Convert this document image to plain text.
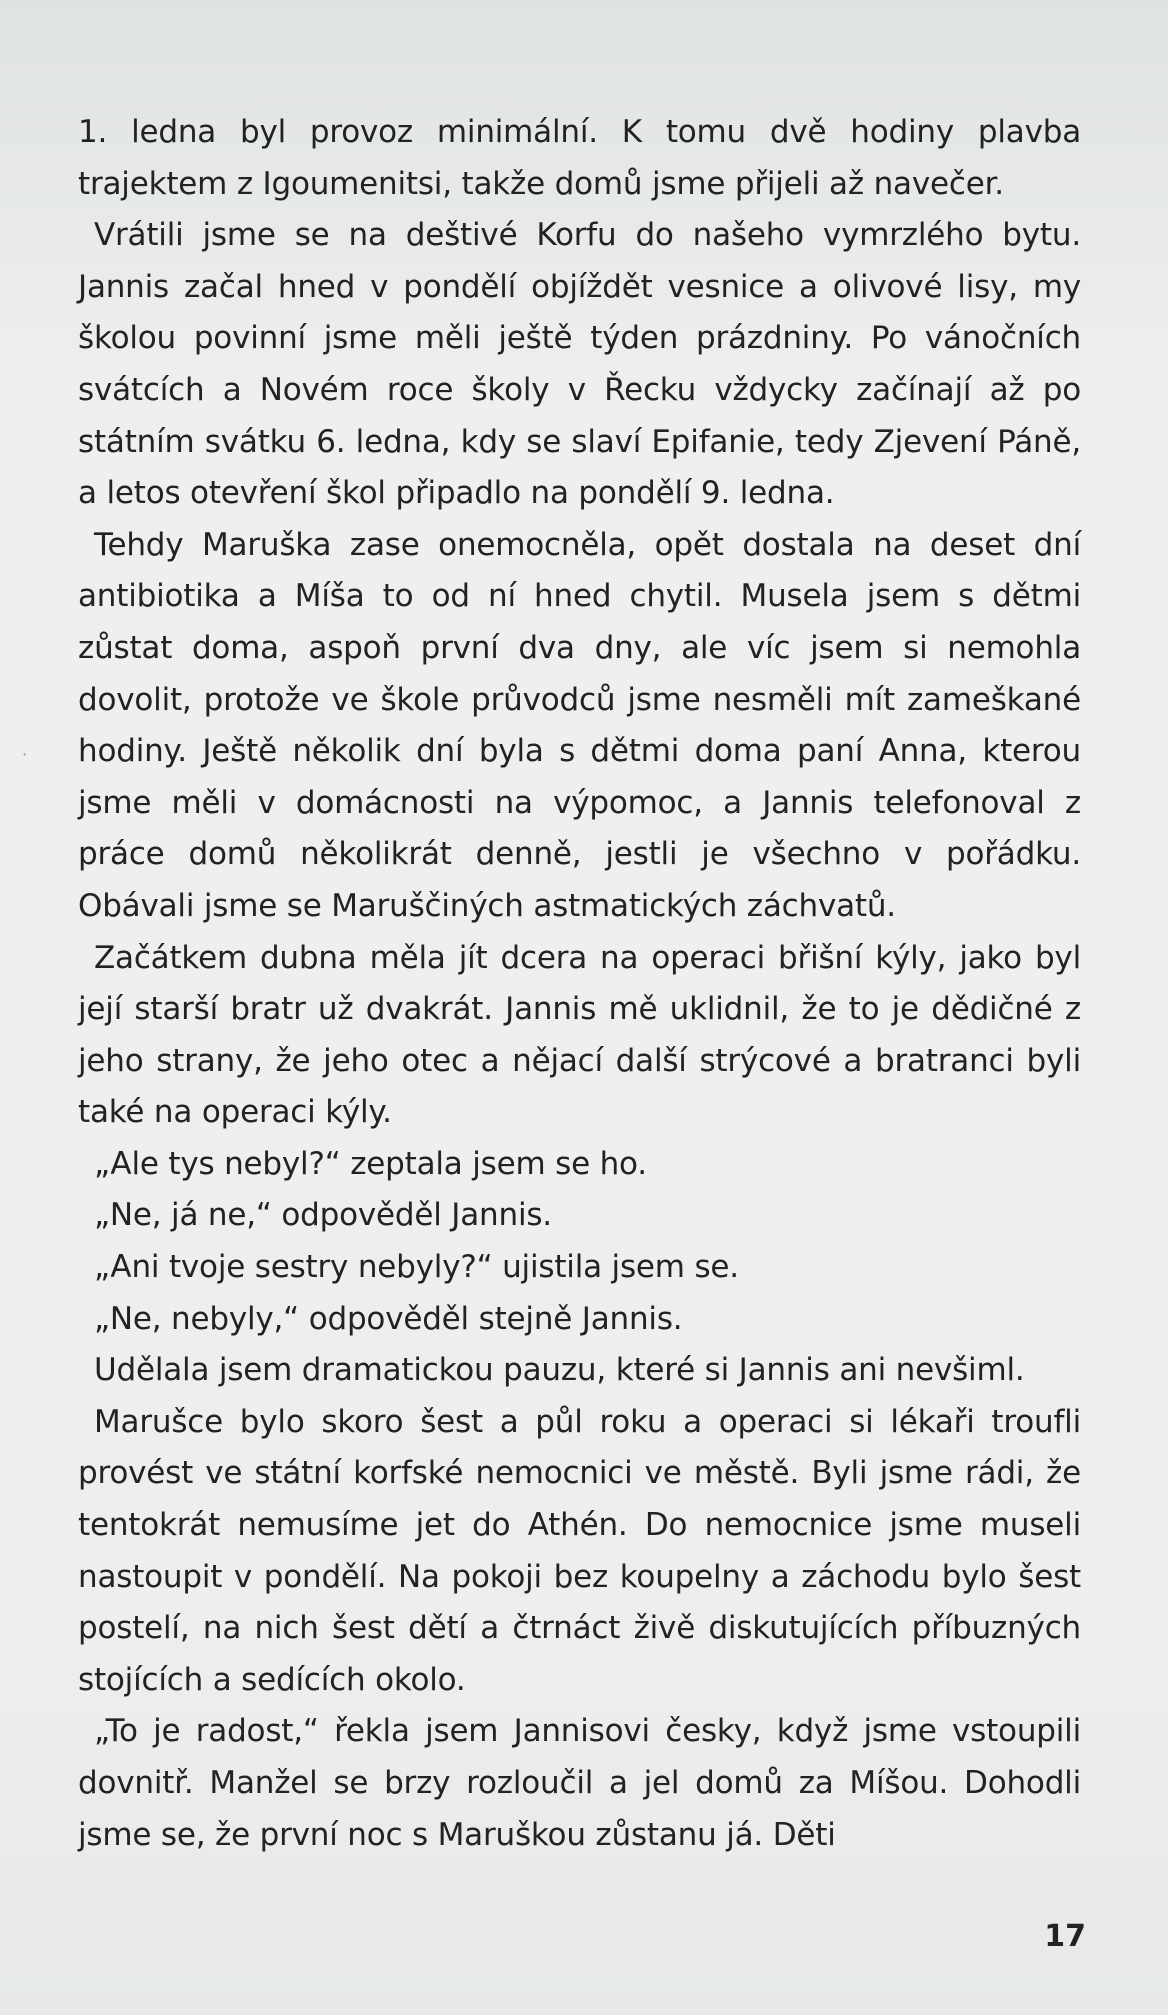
·

1. ledna byl provoz minimální. K tomu dvě hodiny plavba trajektem z Igoumenitsi, takže domů jsme přijeli až navečer.

Vrátili jsme se na deštivé Korfu do našeho vymrzlého bytu. Jannis začal hned v pondělí objíždět vesnice a olivové lisy, my školou povinní jsme měli ještě týden prázdniny. Po vánočních svátcích a Novém roce školy v Řecku vždycky začínají až po státním svátku 6. ledna, kdy se slaví Epifanie, tedy Zjevení Páně, a letos otevření škol připadlo na pondělí 9. ledna.

Tehdy Maruška zase onemocněla, opět dostala na deset dní antibiotika a Míša to od ní hned chytil. Musela jsem s dětmi zůstat doma, aspoň první dva dny, ale víc jsem si nemohla dovolit, protože ve škole průvodců jsme nesměli mít zameškané hodiny. Ještě několik dní byla s dětmi doma paní Anna, kterou jsme měli v domácnosti na výpomoc, a Jannis telefonoval z práce domů několikrát denně, jestli je všechno v pořádku. Obávali jsme se Maruščiných astmatických záchvatů.

Začátkem dubna měla jít dcera na operaci břišní kýly, jako byl její starší bratr už dvakrát. Jannis mě uklidnil, že to je dědičné z jeho strany, že jeho otec a nějací další strýcové a bratranci byli také na operaci kýly.

„Ale tys nebyl?“ zeptala jsem se ho.

„Ne, já ne,“ odpověděl Jannis.

„Ani tvoje sestry nebyly?“ ujistila jsem se.

„Ne, nebyly,“ odpověděl stejně Jannis.

Udělala jsem dramatickou pauzu, které si Jannis ani nevšiml.

Marušce bylo skoro šest a půl roku a operaci si lékaři troufli provést ve státní korfské nemocnici ve městě. Byli jsme rádi, že tentokrát nemusíme jet do Athén. Do nemocnice jsme museli nastoupit v pondělí. Na pokoji bez koupelny a záchodu bylo šest postelí, na nich šest dětí a čtrnáct živě diskutujících příbuzných stojících a sedících okolo.

„To je radost,“ řekla jsem Jannisovi česky, když jsme vstoupili dovnitř. Manžel se brzy rozloučil a jel domů za Míšou. Dohodli jsme se, že první noc s Maruškou zůstanu já. Děti

17
